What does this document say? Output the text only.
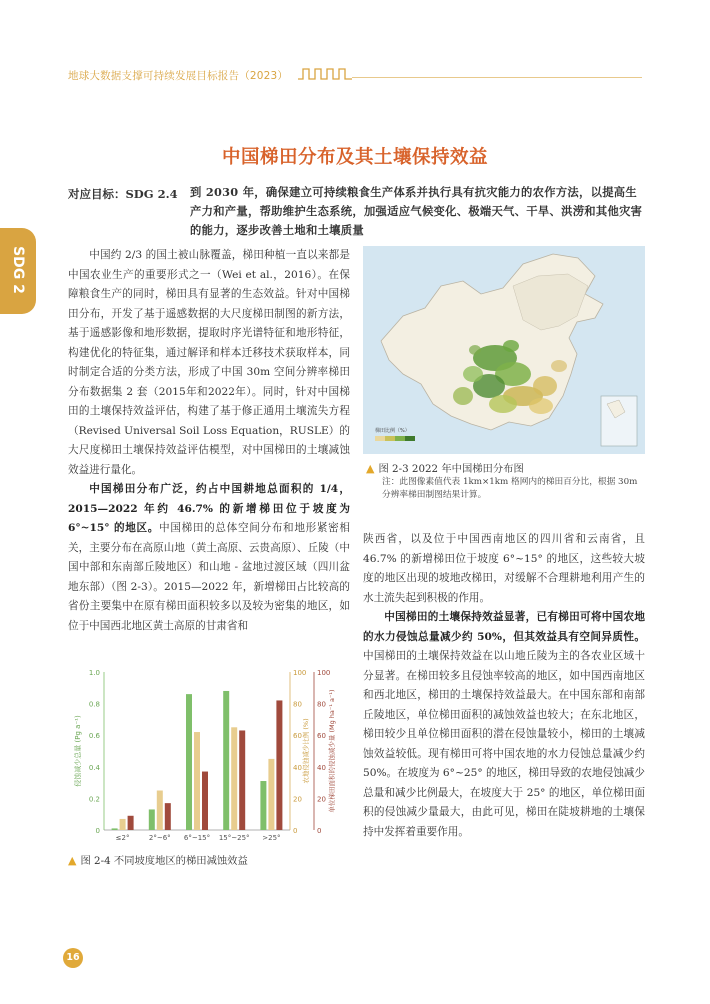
地球大数据支撑可持续发展目标报告（2023）
SDG 2
中国梯田分布及其土壤保持效益
对应目标：SDG 2.4 到 2030 年，确保建立可持续粮食生产体系并执行具有抗灾能力的农作方法，以提高生产力和产量，帮助维护生态系统，加强适应气候变化、极端天气、干旱、洪涝和其他灾害的能力，逐步改善土地和土壤质量

中国约 2/3 的国土被山脉覆盖，梯田种植一直以来都是中国农业生产的重要形式之一（Wei et al.，2016）。在保障粮食生产的同时，梯田具有显著的生态效益。针对中国梯田分布，开发了基于遥感数据的大尺度梯田制图的新方法，基于遥感影像和地形数据，提取时序光谱特征和地形特征，构建优化的特征集，通过解译和样本迁移技术获取样本，同时制定合适的分类方法，形成了中国 30m 空间分辨率梯田分布数据集 2 套（2015年和2022年）。同时，针对中国梯田的土壤保持效益评估，构建了基于修正通用土壤流失方程（Revised Universal Soil Loss Equation，RUSLE）的大尺度梯田土壤保持效益评估模型，对中国梯田的土壤减蚀效益进行量化。

中国梯田分布广泛，约占中国耕地总面积的 1/4，2015—2022 年约 46.7% 的新增梯田位于坡度为 6°~15° 的地区。中国梯田的总体空间分布和地形紧密相关，主要分布在高原山地（黄土高原、云贵高原）、丘陵（中国中部和东南部丘陵地区）和山地 - 盆地过渡区域（四川盆地东部）（图 2-3）。2015—2022 年，新增梯田占比较高的省份主要集中在原有梯田面积较多以及较为密集的地区，如位于中国西北地区黄土高原的甘肃省和

梯田比例（%）
▲ 图 2-3 2022 年中国梯田分布图
注：此图像素值代表 1km×1km 格网内的梯田百分比，根据 30m 分辨率梯田制图结果计算。

陕西省，以及位于中国西南地区的四川省和云南省，且 46.7% 的新增梯田位于坡度 6°~15° 的地区，这些较大坡度的地区出现的坡地改梯田，对缓解不合理耕地利用产生的水土流失起到积极的作用。

中国梯田的土壤保持效益显著，已有梯田可将中国农地的水力侵蚀总量减少约 50%，但其效益具有空间异质性。中国梯田的土壤保持效益在以山地丘陵为主的各农业区域十分显著。在梯田较多且侵蚀率较高的地区，如中国西南地区和西北地区，梯田的土壤保持效益最大。在中国东部和南部丘陵地区，单位梯田面积的减蚀效益也较大；在东北地区，梯田较少且单位梯田面积的潜在侵蚀量较小，梯田的土壤减蚀效益较低。现有梯田可将中国农地的水力侵蚀总量减少约 50%。在坡度为 6°~25° 的地区，梯田导致的农地侵蚀减少总量和减少比例最大，在坡度大于 25° 的地区，单位梯田面积的侵蚀减少量最大，由此可见，梯田在陡坡耕地的土壤保持中发挥着重要作用。

0
0.2
0.4
0.6
0.8
1.0
0	0
20 20
40 40
60 60
80 80
100 100
侵蚀减少总量 (Pg a⁻¹)	农地侵蚀减少比例 (%)	单位梯田面积的侵蚀减少量 (Mg ha⁻¹ a⁻¹)
≤2°	2°~6° 6°~15° 15°~25° >25°
▲ 图 2-4 不同坡度地区的梯田减蚀效益
16
